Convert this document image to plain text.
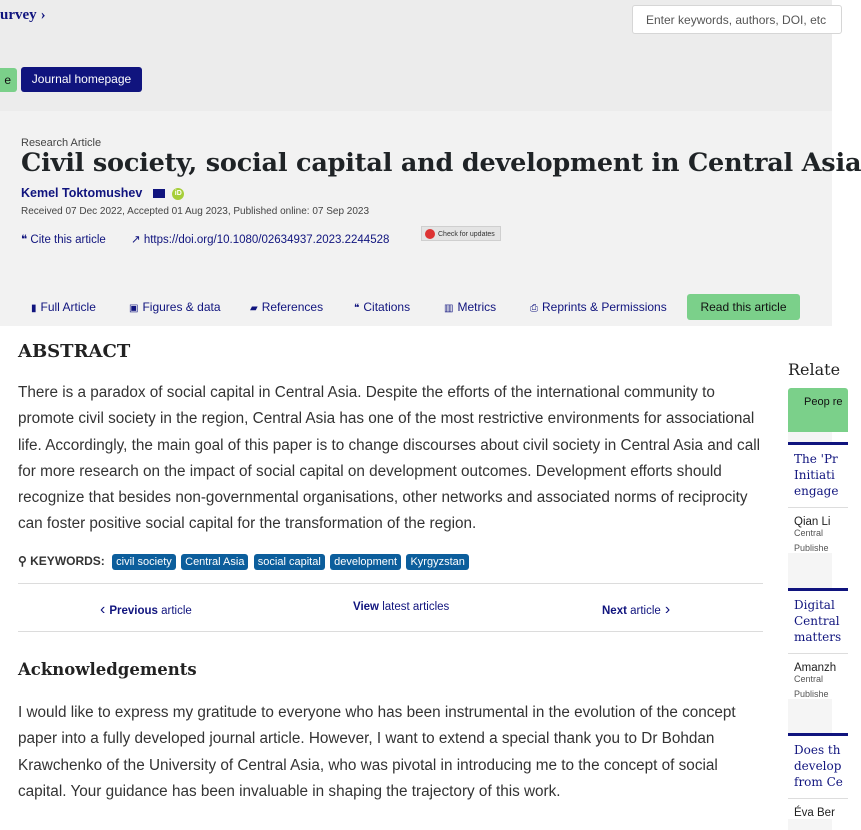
urvey ›
Enter keywords, authors, DOI, etc
e	Journal homepage
Research Article
Civil society, social capital and development in Central Asia
Kemel Toktomushev	iD
Received 07 Dec 2022, Accepted 01 Aug 2023, Published online: 07 Sep 2023
❝ Cite this article ↗ https://doi.org/10.1080/02634937.2023.2244528	Check for updates
▮ Full Article	▣ Figures & data	▰ References	❝ Citations	▥ Metrics	⎙ Reprints & Permissions	Read this article
ABSTRACT
There is a paradox of social capital in Central Asia. Despite the efforts of the international community to promote civil society in the region, Central Asia has one of the most restrictive environments for associational life. Accordingly, the main goal of this paper is to change discourses about civil society in Central Asia and call for more research on the impact of social capital on development outcomes. Development efforts should recognize that besides non-governmental organisations, other networks and associated norms of reciprocity can foster positive social capital for the transformation of the region.
⚲ KEYWORDS: civil society Central Asia social capital development Kyrgyzstan
‹ Previous article	View latest articles	Next article ›
Acknowledgements
I would like to express my gratitude to everyone who has been instrumental in the evolution of the concept paper into a fully developed journal article. However, I want to extend a special thank you to Dr Bohdan Krawchenko of the University of Central Asia, who was pivotal in introducing me to the concept of social capital. Your guidance has been invaluable in shaping the trajectory of this work.
Relate
Peop re
The 'Pr
Initiati
engage
Qian Li
Central
Publishe
Digital
Central
matters
Amanzh
Central
Publishe
Does th
develop
from Ce
Éva Ber
